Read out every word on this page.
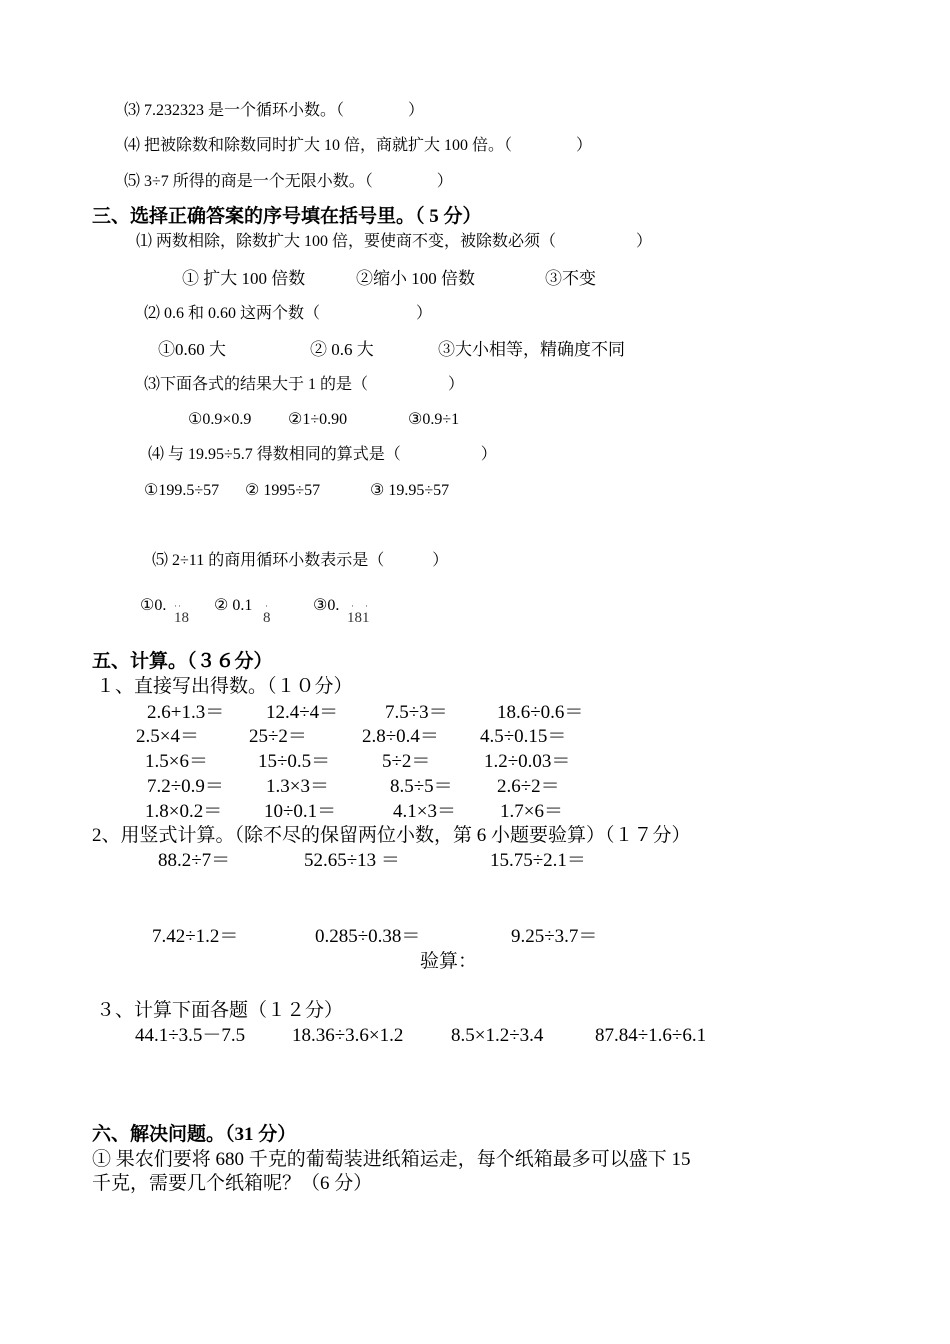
⑶ 7.232323 是一个循环小数。（　　　　）
⑷ 把被除数和除数同时扩大 10 倍，商就扩大 100 倍。（　　　　）
⑸ 3÷7 所得的商是一个无限小数。（　　　　）
三、选择正确答案的序号填在括号里。（ 5 分）
⑴ 两数相除，除数扩大 100 倍，要使商不变，被除数必须（　　　　　）
① 扩大 100 倍数	②缩小 100 倍数	③不变
⑵ 0.6 和 0.60 这两个数（　　　　　　）
①0.60 大	② 0.6 大	③大小相等，精确度不同
⑶下面各式的结果大于 1 的是（　　　　　）
①0.9×0.9 ②1÷0.90	③0.9÷1
⑷ 与 19.95÷5.7 得数相同的算式是（　　　　　）
①199.5÷57 ② 1995÷57	③ 19.95÷57
⑸ 2÷11 的商用循环小数表示是（　　　）
①0. ··
18
② 0.1 ·
8
③0. ·　·
181
五、计算。（３６分）
１、直接写出得数。（１０分）
2.6+1.3＝ 12.4÷4＝ 7.5÷3＝	18.6÷0.6＝
2.5×4＝	25÷2＝	2.8÷0.4＝ 4.5÷0.15＝
1.5×6＝	15÷0.5＝	5÷2＝	1.2÷0.03＝
7.2÷0.9＝ 1.3×3＝	8.5÷5＝ 2.6÷2＝
1.8×0.2＝ 10÷0.1＝	4.1×3＝ 1.7×6＝
2、用竖式计算。（除不尽的保留两位小数，第 6 小题要验算）（１７分）
88.2÷7＝	52.65÷13 ＝	15.75÷2.1＝
7.42÷1.2＝	0.285÷0.38＝	9.25÷3.7＝
验算：
３、计算下面各题（１２分）
44.1÷3.5－7.5 18.36÷3.6×1.2	8.5×1.2÷3.4	87.84÷1.6÷6.1
六、解决问题。（31 分）
① 果农们要将 680 千克的葡萄装进纸箱运走，每个纸箱最多可以盛下 15
千克，需要几个纸箱呢？（6 分）
